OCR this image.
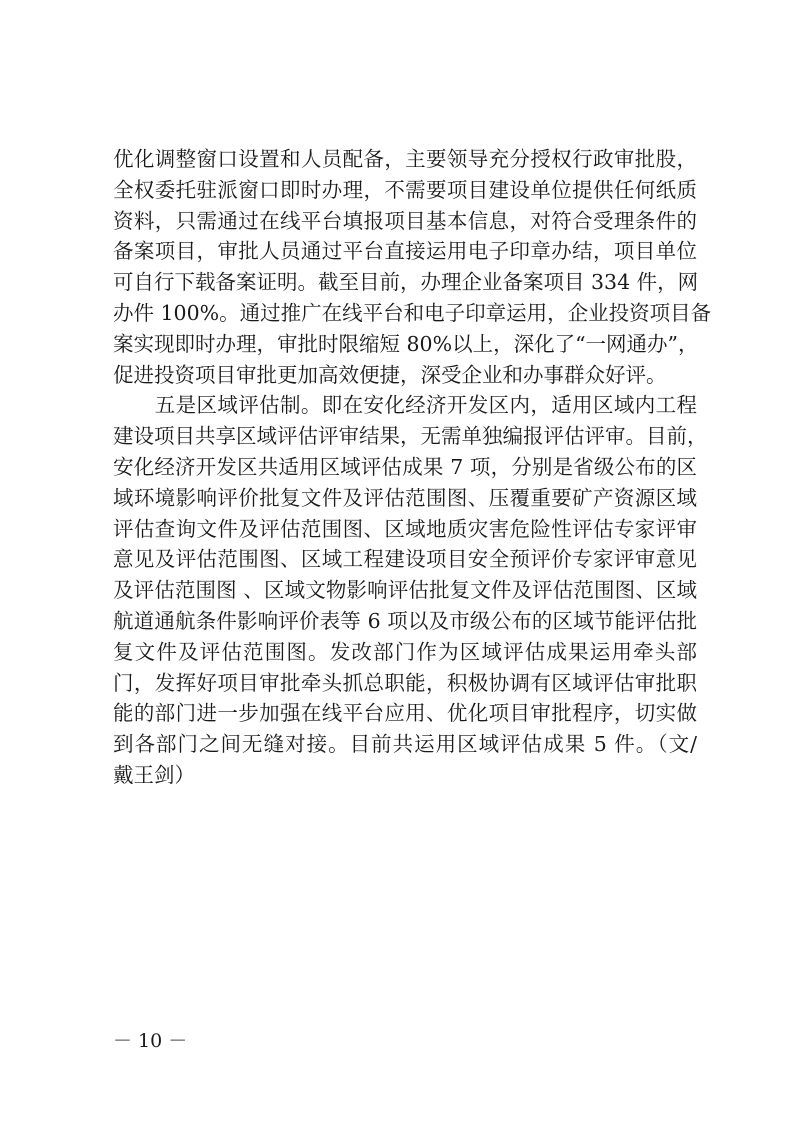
优化调整窗口设置和人员配备，主要领导充分授权行政审批股，
全权委托驻派窗口即时办理，不需要项目建设单位提供任何纸质
资料，只需通过在线平台填报项目基本信息，对符合受理条件的
备案项目，审批人员通过平台直接运用电子印章办结，项目单位
可自行下载备案证明。截至目前，办理企业备案项目 334 件，网
办件 100%。通过推广在线平台和电子印章运用，企业投资项目备
案实现即时办理，审批时限缩短 80%以上，深化了“一网通办”，
促进投资项目审批更加高效便捷，深受企业和办事群众好评。
　　五是区域评估制。即在安化经济开发区内，适用区域内工程
建设项目共享区域评估评审结果，无需单独编报评估评审。目前，
安化经济开发区共适用区域评估成果 7 项，分别是省级公布的区
域环境影响评价批复文件及评估范围图、压覆重要矿产资源区域
评估查询文件及评估范围图、区域地质灾害危险性评估专家评审
意见及评估范围图、区域工程建设项目安全预评价专家评审意见
及评估范围图 、区域文物影响评估批复文件及评估范围图、区域
航道通航条件影响评价表等 6 项以及市级公布的区域节能评估批
复文件及评估范围图。发改部门作为区域评估成果运用牵头部
门，发挥好项目审批牵头抓总职能，积极协调有区域评估审批职
能的部门进一步加强在线平台应用、优化项目审批程序，切实做
到各部门之间无缝对接。目前共运用区域评估成果 5 件。（文/
戴王剑）
－ 10 －
